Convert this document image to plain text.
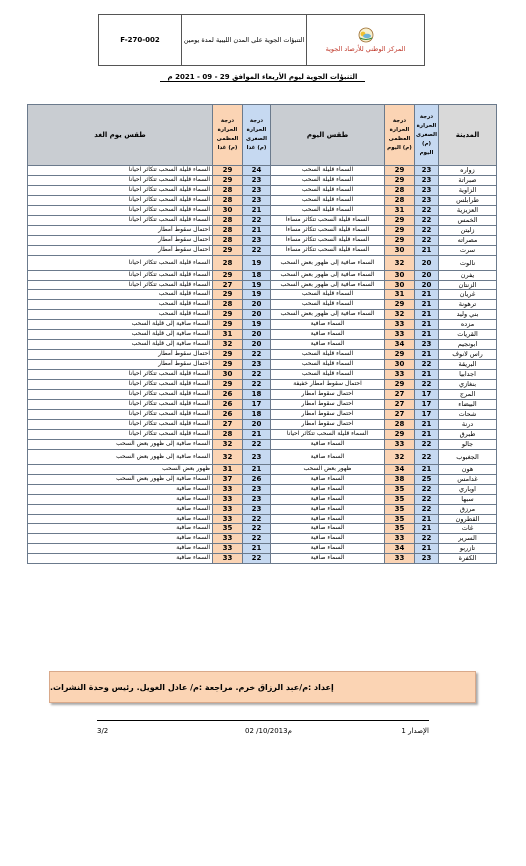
F-270-002	التنبؤات الجوية على المدن الليبية لمدة يومين
المركز الوطني للأرصاد الجوية
التنبؤات الجوية ليوم الأربعاء الموافق 29 - 09 - 2021 م
المدينة	درجة الحرارة الصغرى (م) اليوم	درجة الحرارة العظمى (م) اليوم	طقس اليوم	درجة الحرارة الصغرى (م) غدا	درجة الحرارة العظمى (م) غدا	طقس يوم الغد
زواره	23	29	السماء قليلة السحب	24	29	السماء قليلة السحب تتكاثر احيانا
صبراتة	23	29	السماء قليلة السحب	23	29	السماء قليلة السحب تتكاثر احيانا
الزاوية	23	28	السماء قليلة السحب	23	28	السماء قليلة السحب تتكاثر احيانا
طرابلس	23	28	السماء قليلة السحب	23	28	السماء قليلة السحب تتكاثر احيانا
العزيزية	22	31	السماء قليلة السحب	21	30	السماء قليلة السحب تتكاثر احيانا
الخمس	22	29	السماء قليلة السحب تتكاثر مساءا	22	28	السماء قليلة السحب تتكاثر احيانا
زليتن	22	29	السماء قليلة السحب تتكاثر مساءا	21	28	احتمال سقوط أمطار
مصراته	22	29	السماء قليلة السحب تتكاثر مساءا	23	28	احتمال سقوط أمطار
سرت	21	30	السماء قليلة السحب تتكاثر مساءا	22	29	احتمال سقوط أمطار
نالوت	20	32	السماء صافية إلى ظهور بعض السحب	19	28	السماء قليلة السحب تتكاثر احيانا
يفرن	20	30	السماء صافية إلى ظهور بعض السحب	18	29	السماء قليلة السحب تتكاثر احيانا
الزنتان	20	30	السماء صافية إلى ظهور بعض السحب	19	27	السماء قليلة السحب تتكاثر احيانا
غريان	21	31	السماء قليلة السحب	19	29	السماء قليلة السحب
ترهونة	21	29	السماء قليلة السحب	20	28	السماء قليلة السحب
بني وليد	21	32	السماء صافية إلى ظهور بعض السحب	20	29	السماء قليلة السحب
مزده	21	33	السماء صافية	19	29	السماء صافية إلى قليلة السحب
القريات	21	33	السماء صافية	20	31	السماء صافية إلى قليلة السحب
ابونجيم	23	34	السماء صافية	20	32	السماء صافية إلى قليلة السحب
راس لانوف	21	29	السماء قليلة السحب	22	29	احتمال سقوط أمطار
البريقة	22	30	السماء قليلة السحب	23	29	احتمال سقوط أمطار
اجدابيا	21	33	السماء قليلة السحب	22	30	السماء قليلة السحب تتكاثر احيانا
بنغازي	22	29	احتمال سقوط امطار خفيفة	22	29	السماء قليلة السحب تتكاثر احيانا
المرج	17	27	احتمال سقوط امطار	18	26	السماء قليلة السحب تتكاثر احيانا
البيضاء	17	27	احتمال سقوط امطار	17	26	السماء قليلة السحب تتكاثر احيانا
شحات	17	27	احتمال سقوط امطار	18	26	السماء قليلة السحب تتكاثر احيانا
درنة	21	28	احتمال سقوط امطار	20	27	السماء قليلة السحب تتكاثر احيانا
طبرق	21	29	السماء قليلة السحب تتكاثر احيانا	21	28	السماء قليلة السحب تتكاثر احيانا
جالو	22	33	السماء صافية	22	32	السماء صافية إلى ظهور بعض السحب
الجغبوب	22	32	السماء صافية	23	32	السماء صافية إلى ظهور بعض السحب
هون	21	34	ظهور بعض السحب	21	31	ظهور بعض السحب
غدامس	25	38	السماء صافية	26	37	السماء صافية إلى ظهور بعض السحب
اوباري	22	35	السماء صافية	23	33	السماء صافية
سبها	22	35	السماء صافية	23	33	السماء صافية
مرزق	22	35	السماء صافية	23	33	السماء صافية
القطرون	21	35	السماء صافية	22	33	السماء صافية
غات	21	35	السماء صافية	22	35	السماء صافية
السرير	22	33	السماء صافية	22	33	السماء صافية
تازربو	21	34	السماء صافية	21	33	السماء صافية
الكفرة	23	33	السماء صافية	22	33	السماء صافية
إعداد :م/عبد الرزاق خرم. مراجعة :م/ عادل الغويل. رئيس وحدة النشرات.
الإصدار 1
02 /10/2013م
3/2
